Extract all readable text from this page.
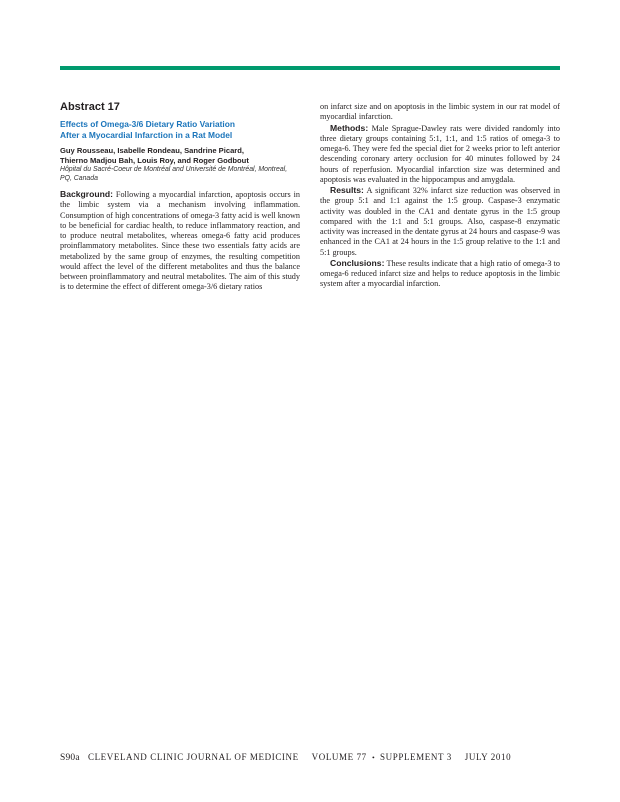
Abstract 17

Effects of Omega-3/6 Dietary Ratio Variation
After a Myocardial Infarction in a Rat Model

Guy Rousseau, Isabelle Rondeau, Sandrine Picard,
Thierno Madjou Bah, Louis Roy, and Roger Godbout

Hôpital du Sacré-Coeur de Montréal and Université de Montréal, Montreal, PQ, Canada

Background: Following a myocardial infarction, apoptosis occurs in the limbic system via a mechanism involving inflammation. Consumption of high concentrations of omega-3 fatty acid is well known to be beneficial for cardiac health, to reduce inflammatory reaction, and to produce neutral metabolites, whereas omega-6 fatty acid produces proinflammatory metabolites. Since these two essentials fatty acids are metabolized by the same group of enzymes, the resulting competition would affect the level of the different metabolites and thus the balance between proinflammatory and neutral metabolites. The aim of this study is to determine the effect of different omega-3/6 dietary ratios

on infarct size and on apoptosis in the limbic system in our rat model of myocardial infarction.

Methods: Male Sprague-Dawley rats were divided randomly into three dietary groups containing 5:1, 1:1, and 1:5 ratios of omega-3 to omega-6. They were fed the special diet for 2 weeks prior to left anterior descending coronary artery occlusion for 40 minutes followed by 24 hours of reperfusion. Myocardial infarction size was determined and apoptosis was evaluated in the hippocampus and amygdala.

Results: A significant 32% infarct size reduction was observed in the group 5:1 and 1:1 against the 1:5 group. Caspase-3 enzymatic activity was doubled in the CA1 and dentate gyrus in the 1:5 group compared with the 1:1 and 5:1 groups. Also, caspase-8 enzymatic activity was increased in the dentate gyrus at 24 hours and caspase-9 was enhanced in the CA1 at 24 hours in the 1:5 group relative to the 1:1 and 5:1 groups.

Conclusions: These results indicate that a high ratio of omega-3 to omega-6 reduced infarct size and helps to reduce apoptosis in the limbic system after a myocardial infarction.

S90a CLEVELAND CLINIC JOURNAL OF MEDICINE VOLUME 77 • SUPPLEMENT 3 JULY 2010
